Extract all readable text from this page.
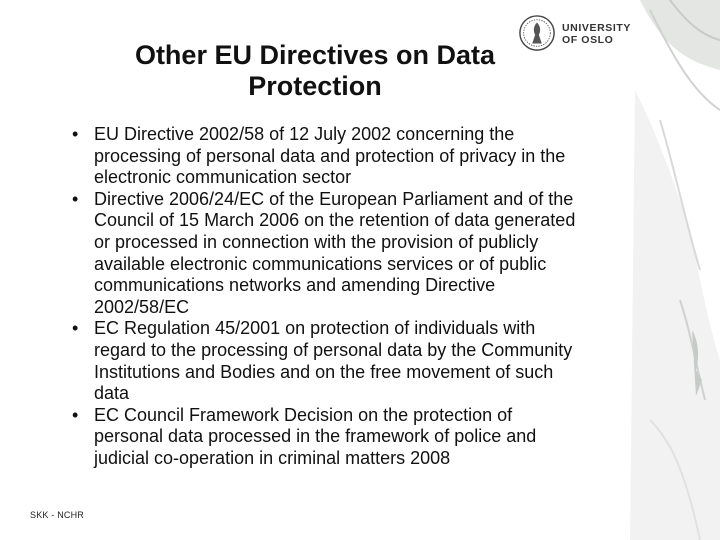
UNIVERSITY
OF OSLO
Other EU Directives on Data
Protection
• EU Directive 2002/58 of 12 July 2002 concerning the processing of personal data and protection of privacy in the electronic communication sector
• Directive 2006/24/EC of the European Parliament and of the Council of 15 March 2006 on the retention of data generated or processed in connection with the provision of publicly available electronic communications services or of public communications networks and amending Directive 2002/58/EC
• EC Regulation 45/2001 on protection of individuals with regard to the processing of personal data by the Community Institutions and Bodies and on the free movement of such data
• EC Council Framework Decision on the protection of personal data processed in the framework of police and judicial co-operation in criminal matters 2008
SKK - NCHR
